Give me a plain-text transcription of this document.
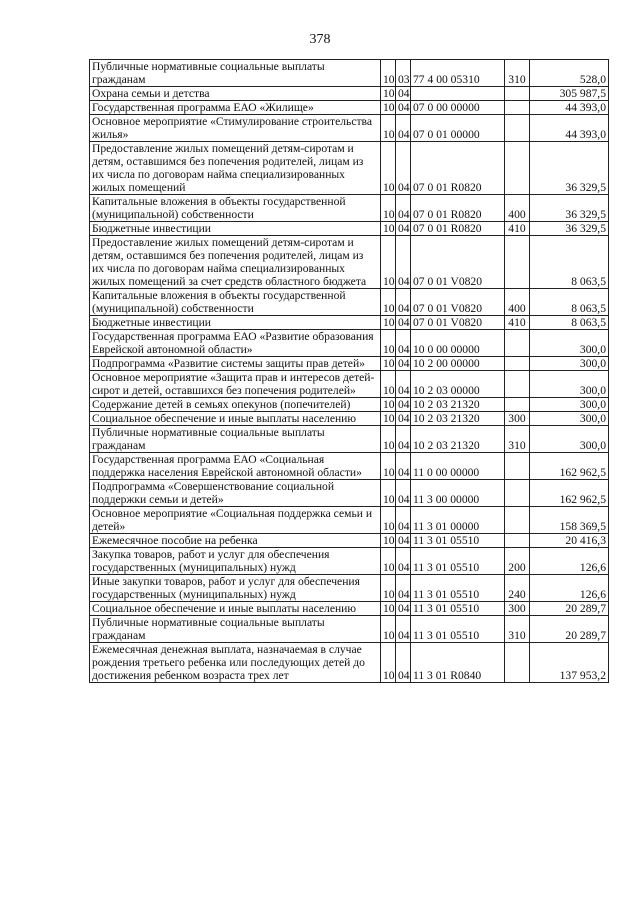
378
Публичные нормативные социальные выплаты гражданам	10	03	77 4 00 05310	310	528,0
Охрана семьи и детства	10	04			305 987,5
Государственная программа ЕАО «Жилище»	10	04	07 0 00 00000		44 393,0
Основное мероприятие «Стимулирование строительства жилья»	10	04	07 0 01 00000		44 393,0
Предоставление жилых помещений детям-сиротам и детям, оставшимся без попечения родителей, лицам из их числа по договорам найма специализированных жилых помещений	10	04	07 0 01 R0820		36 329,5
Капитальные вложения в объекты государственной (муниципальной) собственности	10	04	07 0 01 R0820	400	36 329,5
Бюджетные инвестиции	10	04	07 0 01 R0820	410	36 329,5
Предоставление жилых помещений детям-сиротам и детям, оставшимся без попечения родителей, лицам из их числа по договорам найма специализированных жилых помещений за счет средств областного бюджета	10	04	07 0 01 V0820		8 063,5
Капитальные вложения в объекты государственной (муниципальной) собственности	10	04	07 0 01 V0820	400	8 063,5
Бюджетные инвестиции	10	04	07 0 01 V0820	410	8 063,5
Государственная программа ЕАО «Развитие образования Еврейской автономной области»	10	04	10 0 00 00000		300,0
Подпрограмма «Развитие системы защиты прав детей»	10	04	10 2 00 00000		300,0
Основное мероприятие «Защита прав и интересов детей-сирот и детей, оставшихся без попечения родителей»	10	04	10 2 03 00000		300,0
Содержание детей в семьях опекунов (попечителей)	10	04	10 2 03 21320		300,0
Социальное обеспечение и иные выплаты населению	10	04	10 2 03 21320	300	300,0
Публичные нормативные социальные выплаты гражданам	10	04	10 2 03 21320	310	300,0
Государственная программа ЕАО «Социальная поддержка населения Еврейской автономной области»	10	04	11 0 00 00000		162 962,5
Подпрограмма «Совершенствование социальной поддержки семьи и детей»	10	04	11 3 00 00000		162 962,5
Основное мероприятие «Социальная поддержка семьи и детей»	10	04	11 3 01 00000		158 369,5
Ежемесячное пособие на ребенка	10	04	11 3 01 05510		20 416,3
Закупка товаров, работ и услуг для обеспечения государственных (муниципальных) нужд	10	04	11 3 01 05510	200	126,6
Иные закупки товаров, работ и услуг для обеспечения государственных (муниципальных) нужд	10	04	11 3 01 05510	240	126,6
Социальное обеспечение и иные выплаты населению	10	04	11 3 01 05510	300	20 289,7
Публичные нормативные социальные выплаты гражданам	10	04	11 3 01 05510	310	20 289,7
Ежемесячная денежная выплата, назначаемая в случае рождения третьего ребенка или последующих детей до достижения ребенком возраста трех лет	10	04	11 3 01 R0840		137 953,2
